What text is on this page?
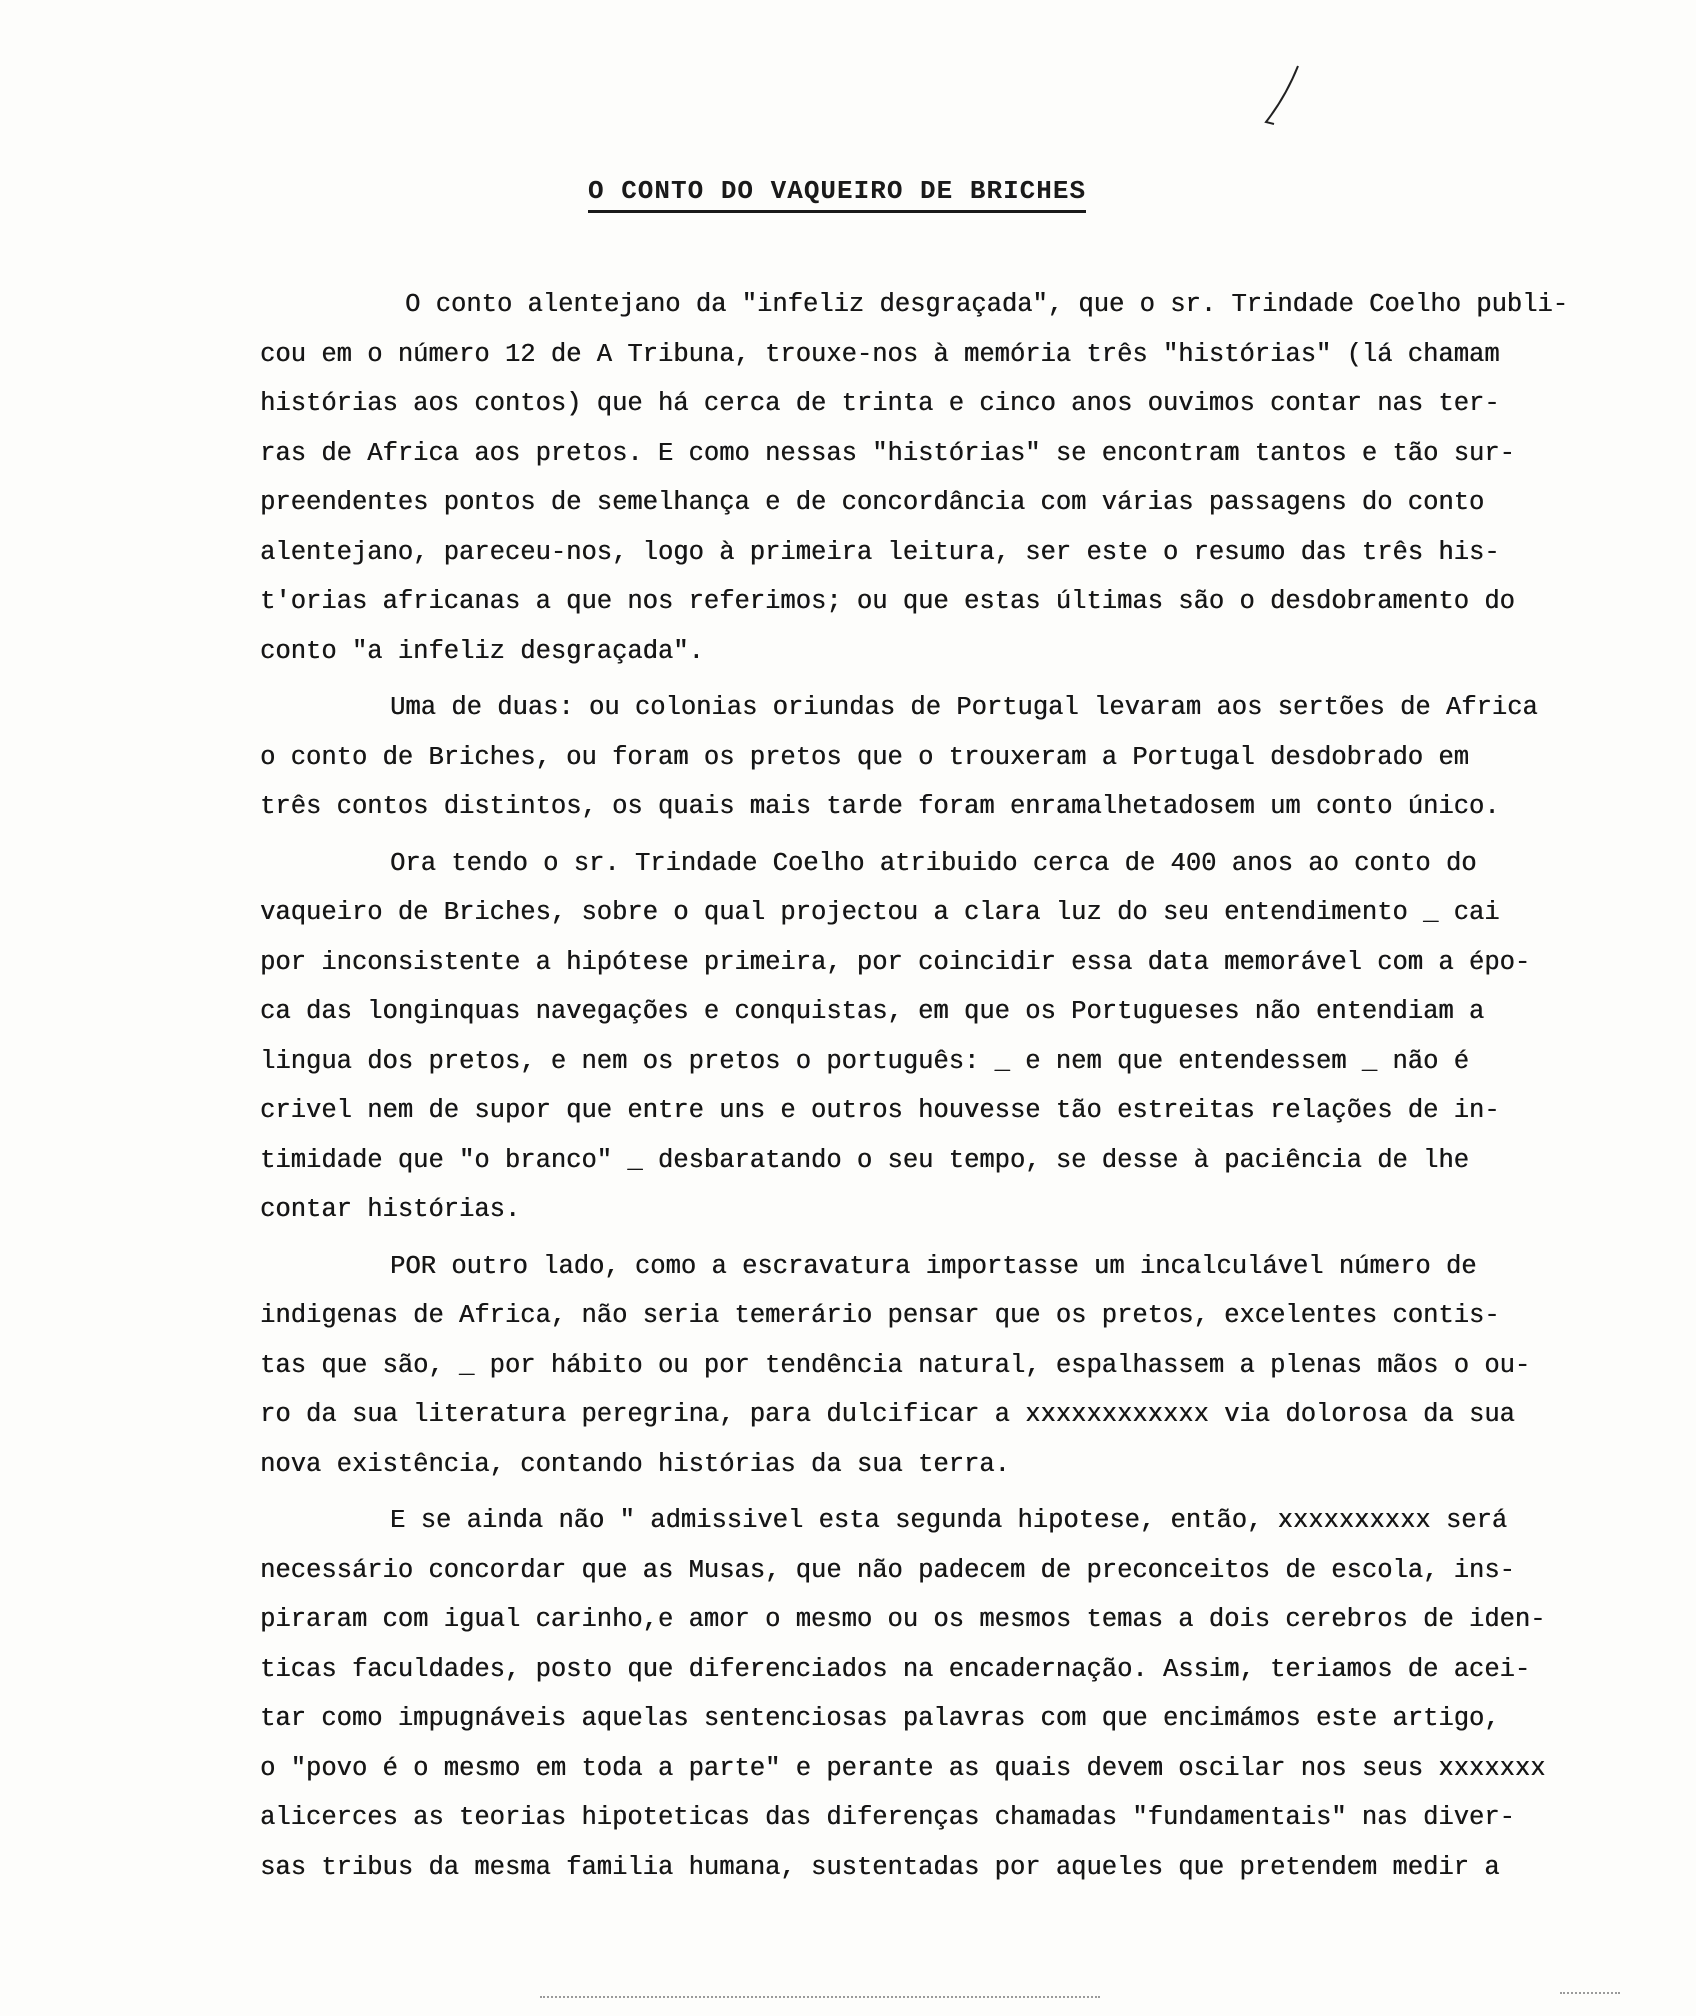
O CONTO DO VAQUEIRO DE BRICHES
O conto alentejano da "infeliz desgraçada", que o sr. Trindade Coelho publi-
cou em o número 12 de A Tribuna, trouxe-nos à memória três "histórias" (lá chamam
histórias aos contos) que há cerca de trinta e cinco anos ouvimos contar nas ter-
ras de Africa aos pretos. E como nessas "histórias" se encontram tantos e tão sur-
preendentes pontos de semelhança e de concordância com várias passagens do conto
alentejano, pareceu-nos, logo à primeira leitura, ser este o resumo das três his-
t'orias africanas a que nos referimos; ou que estas últimas são o desdobramento do
conto "a infeliz desgraçada".
Uma de duas: ou colonias oriundas de Portugal levaram aos sertões de Africa
o conto de Briches, ou foram os pretos que o trouxeram a Portugal desdobrado em
três contos distintos, os quais mais tarde foram enramalhetadosem um conto único.
Ora tendo o sr. Trindade Coelho atribuido cerca de 400 anos ao conto do
vaqueiro de Briches, sobre o qual projectou a clara luz do seu entendimento _ cai
por inconsistente a hipótese primeira, por coincidir essa data memorável com a épo-
ca das longinquas navegações e conquistas, em que os Portugueses não entendiam a
lingua dos pretos, e nem os pretos o português: _ e nem que entendessem _ não é
crivel nem de supor que entre uns e outros houvesse tão estreitas relações de in-
timidade que "o branco" _ desbaratando o seu tempo, se desse à paciência de lhe
contar histórias.
POR outro lado, como a escravatura importasse um incalculável número de
indigenas de Africa, não seria temerário pensar que os pretos, excelentes contis-
tas que são, _ por hábito ou por tendência natural, espalhassem a plenas mãos o ou-
ro da sua literatura peregrina, para dulcificar a xxxxxxxxxxxx via dolorosa da sua
nova existência, contando histórias da sua terra.
E se ainda não " admissivel esta segunda hipotese, então, xxxxxxxxxx será
necessário concordar que as Musas, que não padecem de preconceitos de escola, ins-
piraram com igual carinho,e amor o mesmo ou os mesmos temas a dois cerebros de iden-
ticas faculdades, posto que diferenciados na encadernação. Assim, teriamos de acei-
tar como impugnáveis aquelas sentenciosas palavras com que encimámos este artigo,
o "povo é o mesmo em toda a parte" e perante as quais devem oscilar nos seus xxxxxxx
alicerces as teorias hipoteticas das diferenças chamadas "fundamentais" nas diver-
sas tribus da mesma familia humana, sustentadas por aqueles que pretendem medir a
